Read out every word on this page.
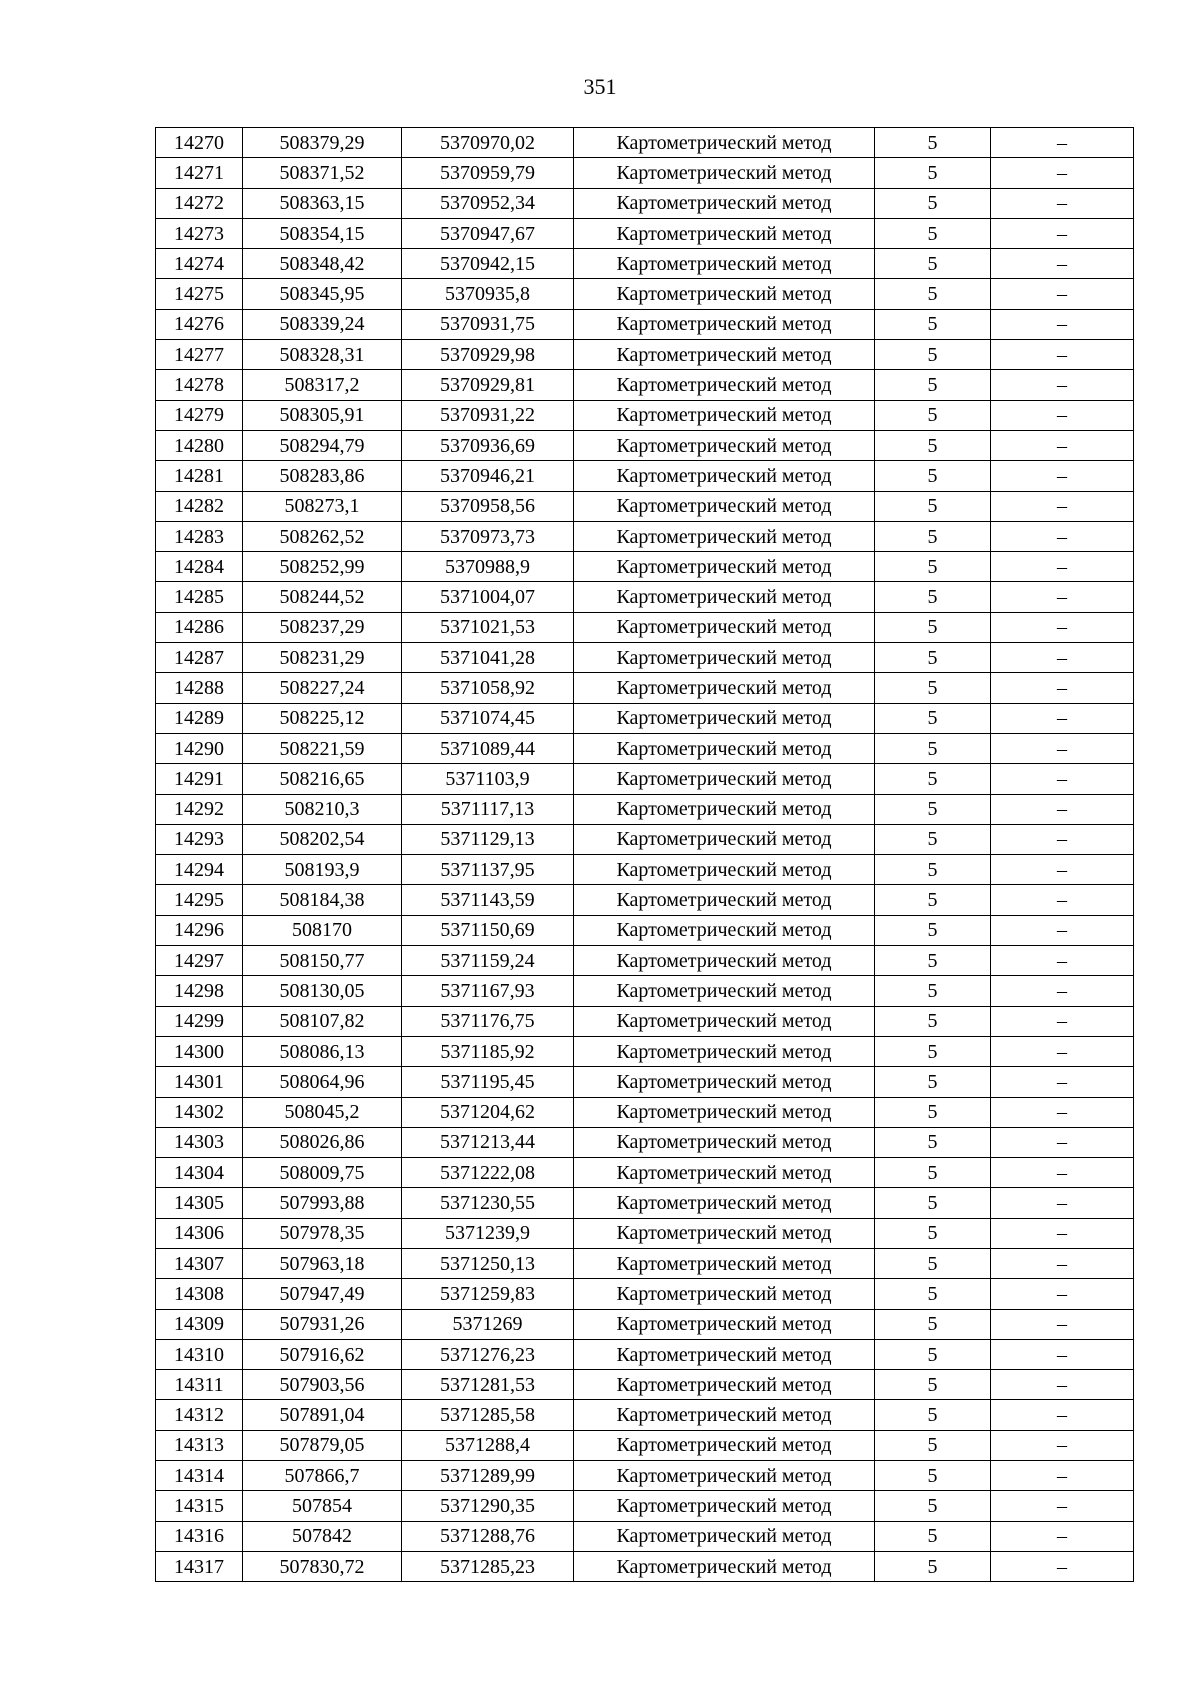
351
14270	508379,29	5370970,02	Картометрический метод	5	–
14271	508371,52	5370959,79	Картометрический метод	5	–
14272	508363,15	5370952,34	Картометрический метод	5	–
14273	508354,15	5370947,67	Картометрический метод	5	–
14274	508348,42	5370942,15	Картометрический метод	5	–
14275	508345,95	5370935,8	Картометрический метод	5	–
14276	508339,24	5370931,75	Картометрический метод	5	–
14277	508328,31	5370929,98	Картометрический метод	5	–
14278	508317,2	5370929,81	Картометрический метод	5	–
14279	508305,91	5370931,22	Картометрический метод	5	–
14280	508294,79	5370936,69	Картометрический метод	5	–
14281	508283,86	5370946,21	Картометрический метод	5	–
14282	508273,1	5370958,56	Картометрический метод	5	–
14283	508262,52	5370973,73	Картометрический метод	5	–
14284	508252,99	5370988,9	Картометрический метод	5	–
14285	508244,52	5371004,07	Картометрический метод	5	–
14286	508237,29	5371021,53	Картометрический метод	5	–
14287	508231,29	5371041,28	Картометрический метод	5	–
14288	508227,24	5371058,92	Картометрический метод	5	–
14289	508225,12	5371074,45	Картометрический метод	5	–
14290	508221,59	5371089,44	Картометрический метод	5	–
14291	508216,65	5371103,9	Картометрический метод	5	–
14292	508210,3	5371117,13	Картометрический метод	5	–
14293	508202,54	5371129,13	Картометрический метод	5	–
14294	508193,9	5371137,95	Картометрический метод	5	–
14295	508184,38	5371143,59	Картометрический метод	5	–
14296	508170	5371150,69	Картометрический метод	5	–
14297	508150,77	5371159,24	Картометрический метод	5	–
14298	508130,05	5371167,93	Картометрический метод	5	–
14299	508107,82	5371176,75	Картометрический метод	5	–
14300	508086,13	5371185,92	Картометрический метод	5	–
14301	508064,96	5371195,45	Картометрический метод	5	–
14302	508045,2	5371204,62	Картометрический метод	5	–
14303	508026,86	5371213,44	Картометрический метод	5	–
14304	508009,75	5371222,08	Картометрический метод	5	–
14305	507993,88	5371230,55	Картометрический метод	5	–
14306	507978,35	5371239,9	Картометрический метод	5	–
14307	507963,18	5371250,13	Картометрический метод	5	–
14308	507947,49	5371259,83	Картометрический метод	5	–
14309	507931,26	5371269	Картометрический метод	5	–
14310	507916,62	5371276,23	Картометрический метод	5	–
14311	507903,56	5371281,53	Картометрический метод	5	–
14312	507891,04	5371285,58	Картометрический метод	5	–
14313	507879,05	5371288,4	Картометрический метод	5	–
14314	507866,7	5371289,99	Картометрический метод	5	–
14315	507854	5371290,35	Картометрический метод	5	–
14316	507842	5371288,76	Картометрический метод	5	–
14317	507830,72	5371285,23	Картометрический метод	5	–
